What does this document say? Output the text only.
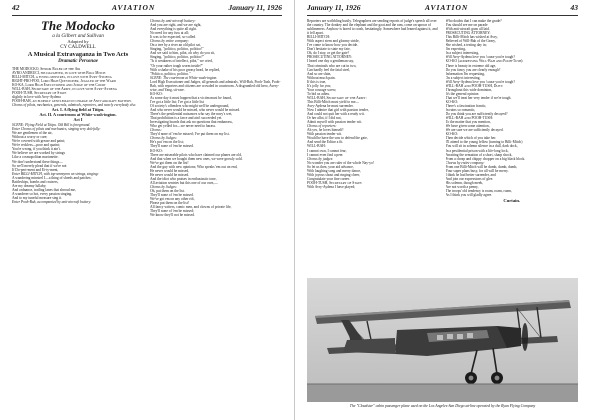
42	AVIATION	January 11, 1926
The Modocko
a la Gilbert and Sullivan
Adapted by
CY CALDWELL
A Musical Extravaganza in Two Acts
Dramatic Personae

THE MODOCKO, Senior Ruler of the Air

AVRO ANDRUCI, his daughter, in love with Billi Mitch

BILLI-MITCH, a flying minstrel, in love with Avry-Aydena

RIGHT-PRO-POO, Lord High Questioner, Juggler of the Ward

KO-KA, Lord High Executioner and Judge of the Court

WILL-BAH, Secretary of the Army, in love with Avry-Aydena

POOH-TUSH, Secretary of State

slightly in love with Avry-Aydena

POOH-BAH, an elderly gentleman in charge of Anti-aircraft battery.

Chorus of pilots, mechanics, generals, admirals, reporters, and nearly everybody else.

Act. I. A flying field at Titipu.

Act. II. A courtroom at White-wash-ington.

Act I

SCENE: Flying Field at Titipu. Old Bill is foreground.

Enter Chorus of pilots and mechanics, singing very dolefully:

We are gentlemen of the air,

Without a worry or care;

We're covered with grease and paint;

We're reckless—poor and quaint;

You're wrong, if you think it ain't.

We believe we are worked by strings

Like a cosmopolitan marionette.

We don't understand these things—

So we'll merely plead that if we're not

If Do-pert-ment and Ei-ty-ment,

Enter BILLI-MITCH, with top-ummyron on strings, singing:

A wandering minstrel I—a thing of shreds and patches;

Battleships, bombs and cruisers,

Are my dreamy lullaby;

And ordnance, trailing lanes that shroud me,

A wanderer so hot, every passion singing.

And to my tuneful measure sing it.

Enter Pooh-Bah, accompanied by anti-aircraft battery.

Chorus by anti-aircraft battery:

And you are right, and we are right,

And everything is quite all right.

No need for any fuss at all;

It was to be expected, so-called.

Chorus by entire company:

On a tree by a river an old pilot sat,

Singing, "politico, politico, politico!"

And we said to him, pilot, oh why do you sit,

Singing, "politico, politico, politico?"

"Is it weakness of intellect, pilot," we cried,

"Or your rather tough worm inside?"

With a shake of his poor greasy head, he replied,

"Politico, politico, politico."

SCENE: The courtroom at White-wash-ington.

Lord High Executioner and Judges, all generals and admirals, Will-Bah, Pooh-Tush, Pooh-Bah, with reporters and citizens are crowded in courtroom. A disgruntled old hero, Avery-wise, and Yang, sit-rare.

KO-KO:

As some day it must happen that a victim must be found,

I've got a little list; I've got a little list

Of society's offenders who might well be underground,

And who never would be missed, who never would be missed.

There's the pestilential nuisances who say the navy's wet,

That prohibition is a farce and ain't succeeded yet.

Investigating boards that ask no questions that embarrass,

Who get yelled for—we never need to harass.

Chorus:

They'd none of 'em be missed; I've put them on my list.

Chorus by Judges:

He's put 'em on the list;

They'll none of 'em be missed.

KO-KO:

There are miserable pilots who have claimed our planes are old,

And that when we bought them new ones, we were grossly sold.

We've got them on the list!

And the guy with new opinions; Who speaks 'em out on end,

He never would be missed,

He never would be missed.

And the idiot who praises in enthusiastic tone,

All aviation sentries but this one of our own,—

Chorus by Judges:

Oh, put them on the list.

They'll none of 'em be missed.

We've got em on any other rift,

Please put them on the list!

All fancy writers, comic men, and clowns of private life,

They'll none of 'em be missed;

We know they'll not be missed.

January 11, 1926	AVIATION	43

Reporters are scribbling busily. Telegraphers are sending reports of judge's speech all over the country. The donkey and the elephant and the goat and the ram, come on uproar of sublimeness. Anyhow is bored to crash, hesitatingly. Somewhere had leaned against it, and it fell apart.

BILLI-MITCH:

With aspect stern and gloomy stride,

I've come to know how you decide.

Don't hesitate to state my fate,

Oh, do I stay, or get the gate?

PROSECUTING ATTORNEY:

I heard one day a gentleman say,

That criminals who are cut in two,

Can hardly feel the fatal steel,

And so are slain,

Without much pain.

If this is true,

It's jolly for you;

Your courage screw,

To bid us adieu.

WILL-BAH, Secretary of the Army:

This Billi-Mitch must yield to me—

Avry-Aydena he must surrender.

Now I admire that girl with passion tender,

And could not quit her with a ready wit.

Or her allot, if I did not,

Admit myself with passion tender wit.

Chorus of reporters:

Ah yes, he loves himself!

With passion tender wit.

Would he have the saw to defend the gate,

And send the Editor a fit.

WILL-BAH:

I cannot own, I cannot fear,

I cannot even find a peer.

Chorus by judges:

No wonder you are ruler of the whole Nay-yo!

So let us then, your aid advance,

With laughing song and merry dance,

With joyous shout and ringing cheer,

Congratulate your fine career.

POOH-TUSH, Secretary of State:

With Avry-Aydena I have played;

Who doubts that I can make the grade?

You should see me on parade

With anti-aircraft guns all laid.

PROSECUTING ATTORNEY:

This Billi-Mitch has wished at Avry,

Believed of Will-Bah of the Geary,

She wished, a testing day in;

I'm expecting,

In a subject interesting,

Will Avry-Aydena love you 'cause you're tough?

KO-KO (addressing Will-Bah and Pooh-Tush):

There is beauty in extreme old age,

Do you fancy you are clearly enough?

Information I'm requesting,

On a subject interesting,

Will Avry-Aydena love you 'cause you're tough?

WILL-BAH and POOH-TUSH, Duet:

Throughout this wide dominion,

It's the general opinion

That we'll treat her very tender if we're tough.

KO-KO:

There's a fascination frantic,

In ruins so romantic,

Do you think you are sufficiently decayed?

WILL-BAH and POOH-TUSH:

To the matter that you mention,

We have given some attention,

We are sure we are sufficiently decayed.

KO-KO:

Then decide which of you take her.

I'll attend to the young fellow (turning to Billi-Mitch)

You will sit in solemn silence in a dull, dark dock,

In a pestilential prison with a life-long lock,

Awaiting the sensation of a short, sharp shock,

From a cheap and chippy chopper on a big black block.

Chorus by entire company:

From one Billi-Mitch will be dumb, dumb, dumb,

Your super plans busy, for all will be merry.

I think he had better surrender, and

And join our expressions of glee.

His solemn, though meek,

Are not worth a penny,

The troops' old tendency is roam, roam, roam,

As I think you will gladly agree.

Curtain.

The "Cloudster" cabin passenger plane used on the Los Angeles-San Diego airline operated by the Ryan Flying Company
